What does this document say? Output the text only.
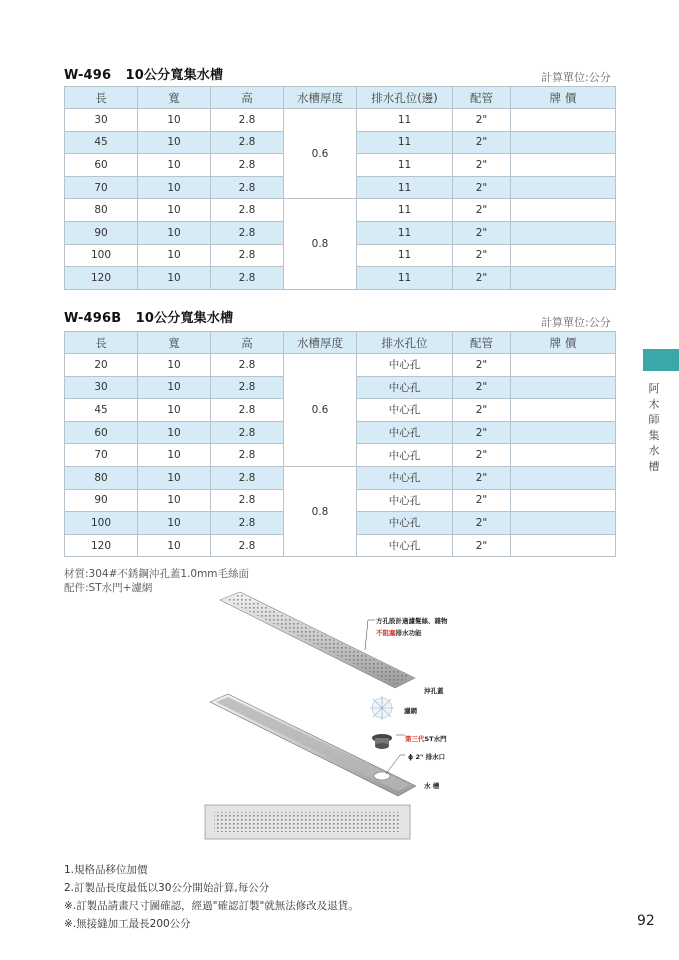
W-496 10公分寬集水槽	計算單位:公分
長	寬	高	水槽厚度	排水孔位(邊)	配管	牌 價
30	10	2.8	0.6	11	2"	
45	10	2.8		11	2"	
60	10	2.8		11	2"	
70	10	2.8		11	2"	
80	10	2.8	0.8	11	2"	
90	10	2.8		11	2"	
100	10	2.8		11	2"	
120	10	2.8		11	2"	
W-496B 10公分寬集水槽	計算單位:公分
長	寬	高	水槽厚度	排水孔位	配管	牌 價
20	10	2.8	0.6	中心孔	2"	
30	10	2.8		中心孔	2"	
45	10	2.8		中心孔	2"	
60	10	2.8		中心孔	2"	
70	10	2.8		中心孔	2"	
80	10	2.8	0.8	中心孔	2"	
90	10	2.8		中心孔	2"	
100	10	2.8		中心孔	2"	
120	10	2.8		中心孔	2"	
阿
木
師
集
水
槽
材質:304#不銹鋼沖孔蓋1.0mm毛絲面
配件:ST水門+濾網
方孔設計過濾髮絲、雜物
不阻塞排水功能
沖孔蓋
濾網
第三代ST水門
ϕ 2" 排水口
水 槽
1.規格品移位加價
2.訂製品長度最低以30公分開始計算,每公分
※.訂製品請畫尺寸圖確認，經過"確認訂製"就無法修改及退貨。
※.無接縫加工最長200公分	92
